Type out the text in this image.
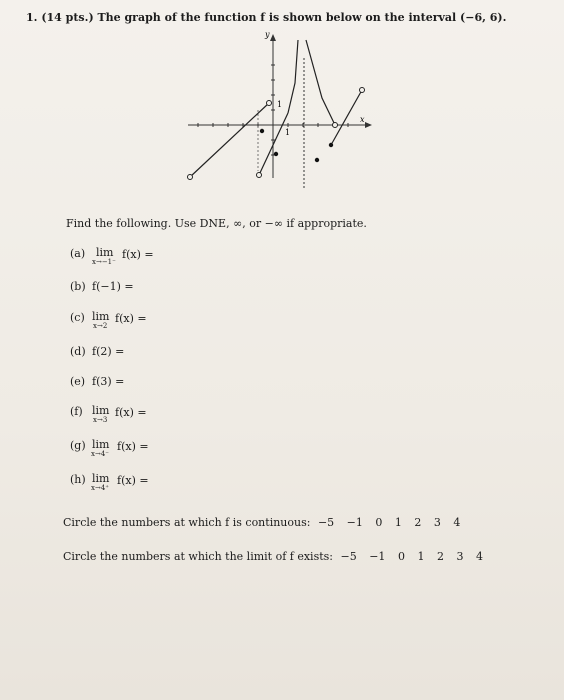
1. (14 pts.) The graph of the function f is shown below on the interval (−6, 6).
y
x
1
1
Find the following. Use DNE, ∞, or −∞ if appropriate.
(a) lim
x→−1⁻
f(x) =
(b) f(−1) =
(c) lim
x→2
f(x) =
(d) f(2) =
(e) f(3) =
(f) lim
x→3
f(x) =
(g) lim
x→4⁻
f(x) =
(h) lim
x→4⁺
f(x) =
Circle the numbers at which f is continuous: −5 −1 0 1 2 3 4
Circle the numbers at which the limit of f exists: −5 −1 0 1 2 3 4
